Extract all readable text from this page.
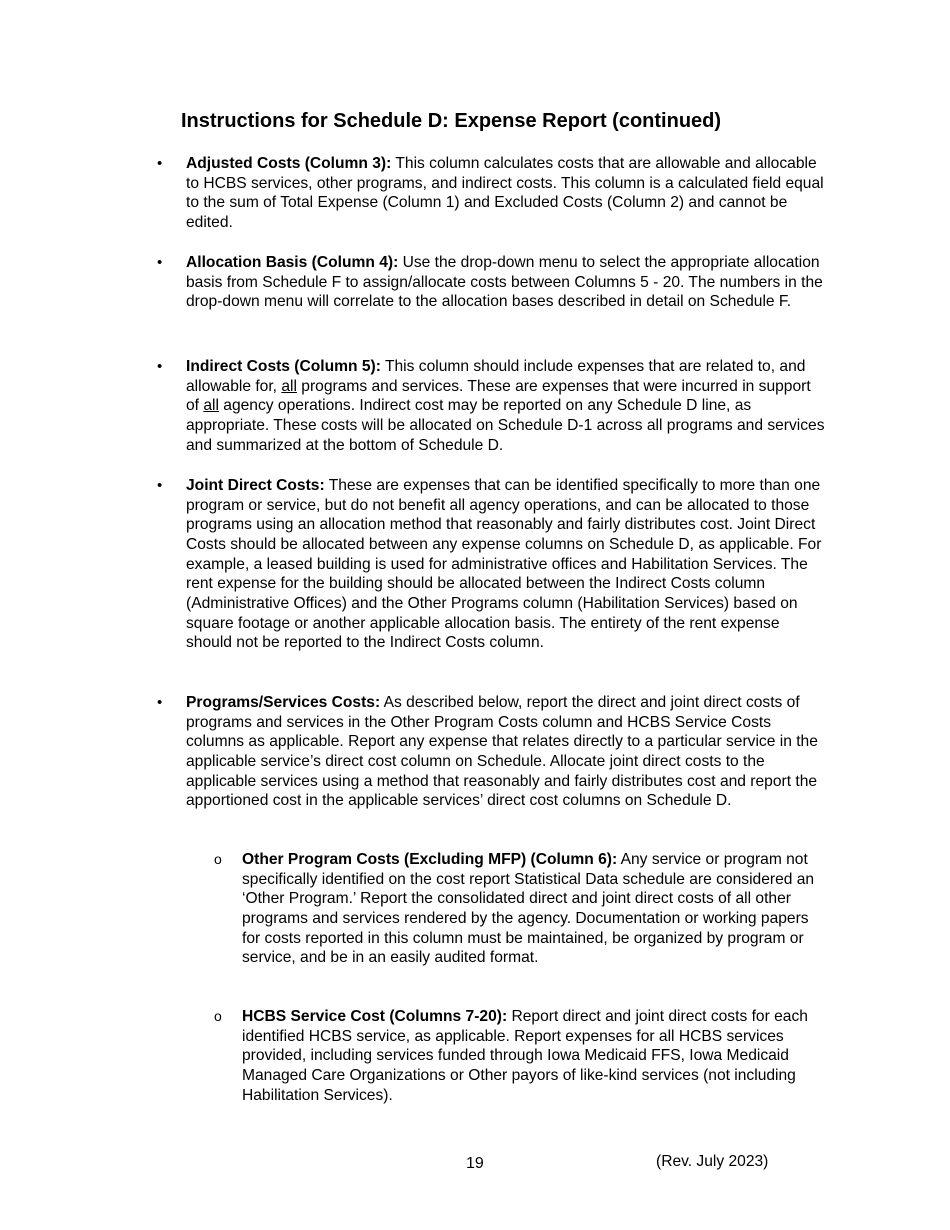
Instructions for Schedule D: Expense Report (continued)
• Adjusted Costs (Column 3): This column calculates costs that are allowable and allocable to HCBS services, other programs, and indirect costs. This column is a calculated field equal to the sum of Total Expense (Column 1) and Excluded Costs (Column 2) and cannot be edited.

• Allocation Basis (Column 4): Use the drop-down menu to select the appropriate allocation basis from Schedule F to assign/allocate costs between Columns 5 - 20. The numbers in the drop-down menu will correlate to the allocation bases described in detail on Schedule F.

• Indirect Costs (Column 5): This column should include expenses that are related to, and allowable for, all programs and services. These are expenses that were incurred in support of all agency operations. Indirect cost may be reported on any Schedule D line, as appropriate. These costs will be allocated on Schedule D-1 across all programs and services and summarized at the bottom of Schedule D.

• Joint Direct Costs: These are expenses that can be identified specifically to more than one program or service, but do not benefit all agency operations, and can be allocated to those programs using an allocation method that reasonably and fairly distributes cost. Joint Direct Costs should be allocated between any expense columns on Schedule D, as applicable. For example, a leased building is used for administrative offices and Habilitation Services. The rent expense for the building should be allocated between the Indirect Costs column (Administrative Offices) and the Other Programs column (Habilitation Services) based on square footage or another applicable allocation basis. The entirety of the rent expense should not be reported to the Indirect Costs column.

• Programs/Services Costs: As described below, report the direct and joint direct costs of programs and services in the Other Program Costs column and HCBS Service Costs columns as applicable. Report any expense that relates directly to a particular service in the applicable service’s direct cost column on Schedule. Allocate joint direct costs to the applicable services using a method that reasonably and fairly distributes cost and report the apportioned cost in the applicable services’ direct cost columns on Schedule D.

o Other Program Costs (Excluding MFP) (Column 6): Any service or program not specifically identified on the cost report Statistical Data schedule are considered an ‘Other Program.’ Report the consolidated direct and joint direct costs of all other programs and services rendered by the agency. Documentation or working papers for costs reported in this column must be maintained, be organized by program or service, and be in an easily audited format.

o HCBS Service Cost (Columns 7-20): Report direct and joint direct costs for each identified HCBS service, as applicable. Report expenses for all HCBS services provided, including services funded through Iowa Medicaid FFS, Iowa Medicaid Managed Care Organizations or Other payors of like-kind services (not including Habilitation Services).

19	(Rev. July 2023)
